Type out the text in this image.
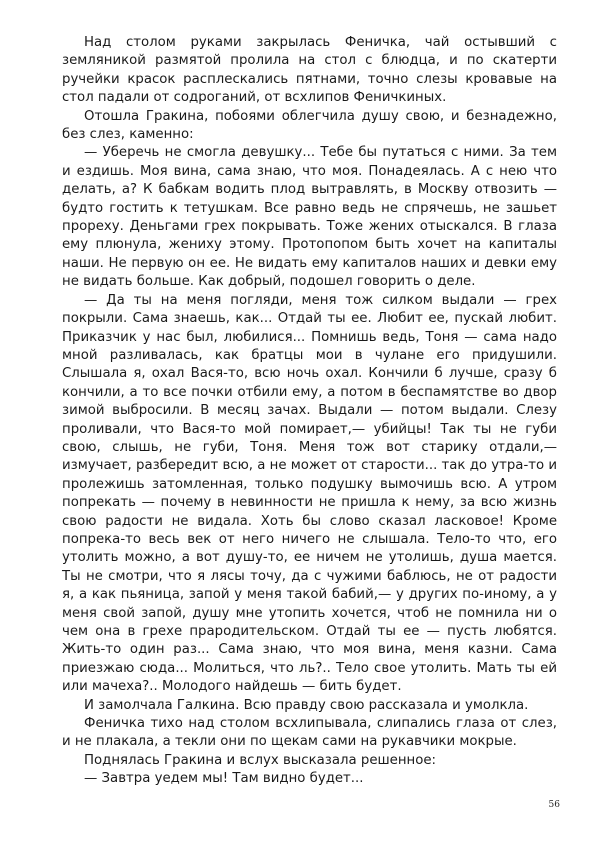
Над столом руками закрылась Феничка, чай остывший с земляникой размятой пролила на стол с блюдца, и по скатерти ручейки красок расплескались пятнами, точно слезы кровавые на стол падали от содроганий, от всхлипов Феничкиных.

Отошла Гракина, побоями облегчила душу свою, и безнадежно, без слез, каменно:

— Уберечь не смогла девушку... Тебе бы путаться с ними. За тем и ездишь. Моя вина, сама знаю, что моя. Понадеялась. А с нею что делать, а? К бабкам водить плод вытравлять, в Москву отвозить — будто гостить к тетушкам. Все равно ведь не спрячешь, не зашьет прореху. Деньгами грех покрывать. Тоже жених отыскался. В глаза ему плюнула, жениху этому. Протопопом быть хочет на капиталы наши. Не первую он ее. Не видать ему капиталов наших и девки ему не видать больше. Как добрый, подошел говорить о деле.

— Да ты на меня погляди, меня тож силком выдали — грех покрыли. Сама знаешь, как... Отдай ты ее. Любит ее, пускай любит. Приказчик у нас был, любилися... Помнишь ведь, Тоня — сама надо мной разливалась, как братцы мои в чулане его придушили. Слышала я, охал Вася-то, всю ночь охал. Кончили б лучше, сразу б кончили, а то все почки отбили ему, а потом в беспамятстве во двор зимой выбросили. В месяц зачах. Выдали — потом выдали. Слезу проливали, что Вася-то мой помирает,— убийцы! Так ты не губи свою, слышь, не губи, Тоня. Меня тож вот старику отдали,— измучает, разбередит всю, а не может от старости... так до утра-то и пролежишь затомленная, только подушку вымочишь всю. А утром попрекать — почему в невинности не пришла к нему, за всю жизнь свою радости не видала. Хоть бы слово сказал ласковое! Кроме попрека-то весь век от него ничего не слышала. Тело-то что, его утолить можно, а вот душу-то, ее ничем не утолишь, душа мается. Ты не смотри, что я лясы точу, да с чужими баблюсь, не от радости я, а как пьяница, запой у меня такой бабий,— у других по-иному, а у меня свой запой, душу мне утопить хочется, чтоб не помнила ни о чем она в грехе прародительском. Отдай ты ее — пусть любятся. Жить-то один раз... Сама знаю, что моя вина, меня казни. Сама приезжаю сюда... Молиться, что ль?.. Тело свое утолить. Мать ты ей или мачеха?.. Молодого найдешь — бить будет.

И замолчала Галкина. Всю правду свою рассказала и умолкла.

Феничка тихо над столом всхлипывала, слипались глаза от слез, и не плакала, а текли они по щекам сами на рукавчики мокрые.

Поднялась Гракина и вслух высказала решенное:

— Завтра уедем мы! Там видно будет...

56
